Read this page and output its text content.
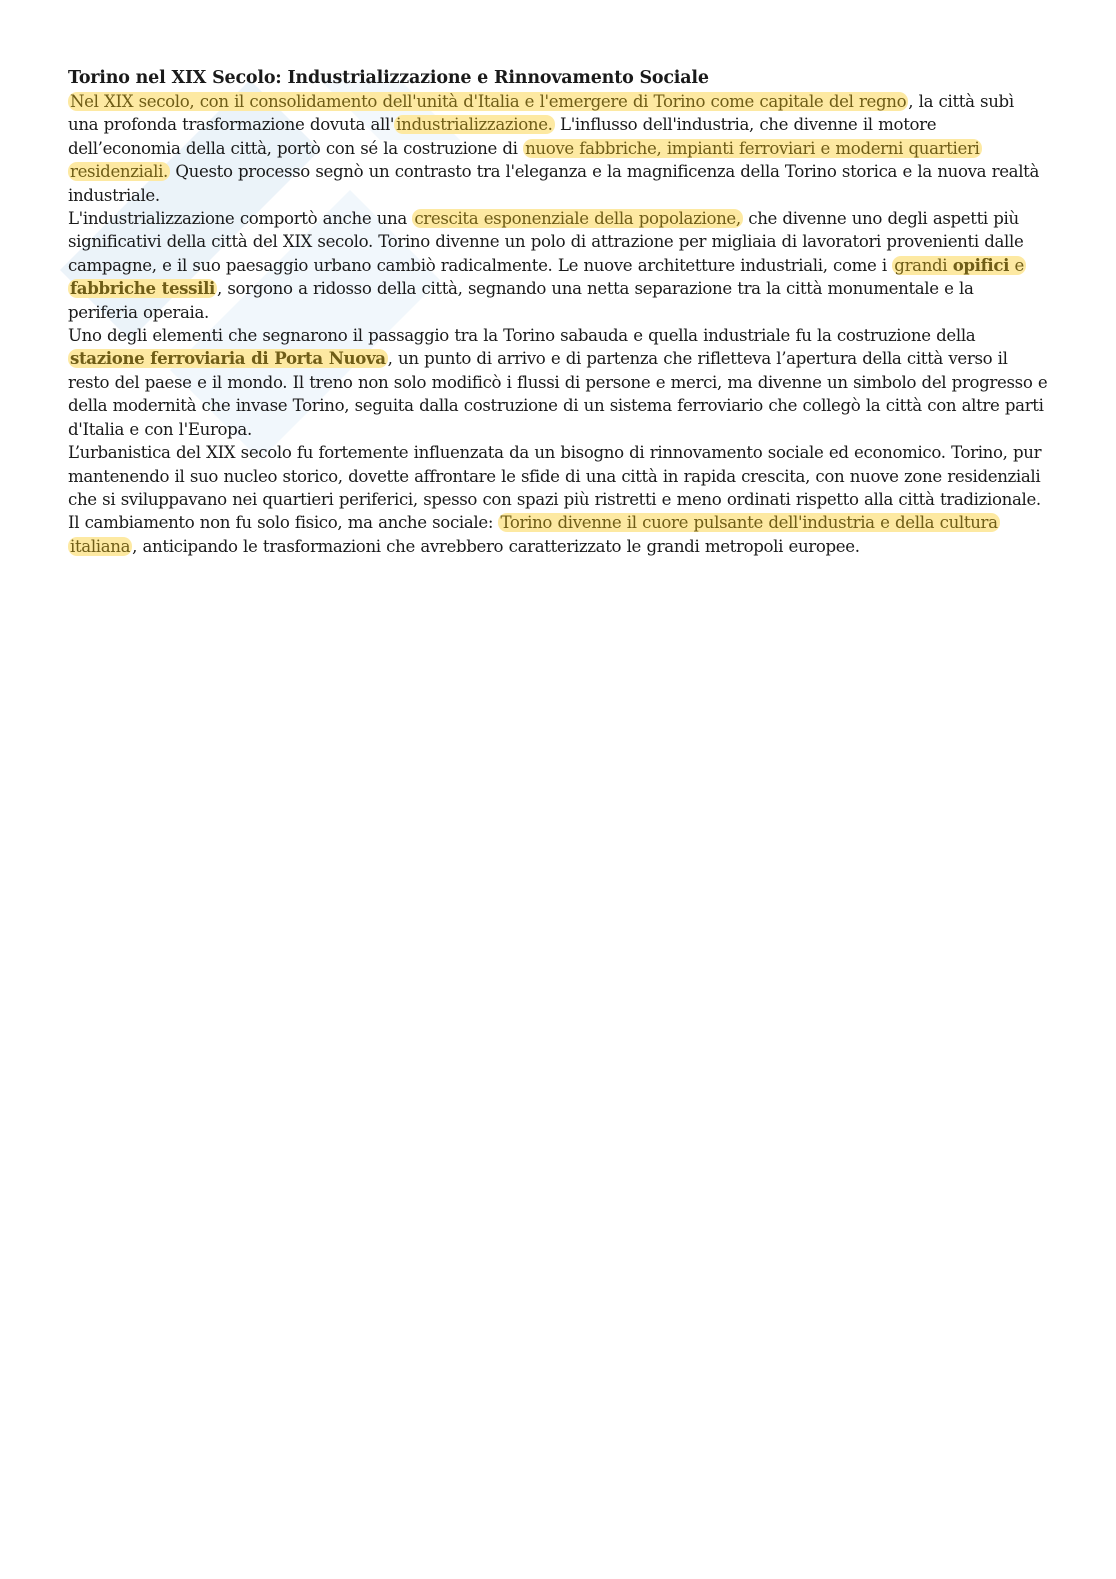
Torino nel XIX Secolo: Industrializzazione e Rinnovamento Sociale

Nel XIX secolo, con il consolidamento dell'unità d'Italia e l'emergere di Torino come capitale del regno , la città subì una profonda trasformazione dovuta all' industrializzazione. L'influsso dell'industria, che divenne il motore dell’economia della città, portò con sé la costruzione di nuove fabbriche, impianti ferroviari e moderni quartieri residenziali. Questo processo segnò un contrasto tra l'eleganza e la magnificenza della Torino storica e la nuova realtà industriale.

L'industrializzazione comportò anche una crescita esponenziale della popolazione, che divenne uno degli aspetti più significativi della città del XIX secolo. Torino divenne un polo di attrazione per migliaia di lavoratori provenienti dalle campagne, e il suo paesaggio urbano cambiò radicalmente. Le nuove architetture industriali, come i grandi opifici e fabbriche tessili , sorgono a ridosso della città, segnando una netta separazione tra la città monumentale e la periferia operaia.

Uno degli elementi che segnarono il passaggio tra la Torino sabauda e quella industriale fu la costruzione della stazione ferroviaria di Porta Nuova , un punto di arrivo e di partenza che rifletteva l’apertura della città verso il resto del paese e il mondo. Il treno non solo modificò i flussi di persone e merci, ma divenne un simbolo del progresso e della modernità che invase Torino, seguita dalla costruzione di un sistema ferroviario che collegò la città con altre parti d'Italia e con l'Europa.

L’urbanistica del XIX secolo fu fortemente influenzata da un bisogno di rinnovamento sociale ed economico. Torino, pur mantenendo il suo nucleo storico, dovette affrontare le sfide di una città in rapida crescita, con nuove zone residenziali che si sviluppavano nei quartieri periferici, spesso con spazi più ristretti e meno ordinati rispetto alla città tradizionale. Il cambiamento non fu solo fisico, ma anche sociale: Torino divenne il cuore pulsante dell'industria e della cultura italiana , anticipando le trasformazioni che avrebbero caratterizzato le grandi metropoli europee.
